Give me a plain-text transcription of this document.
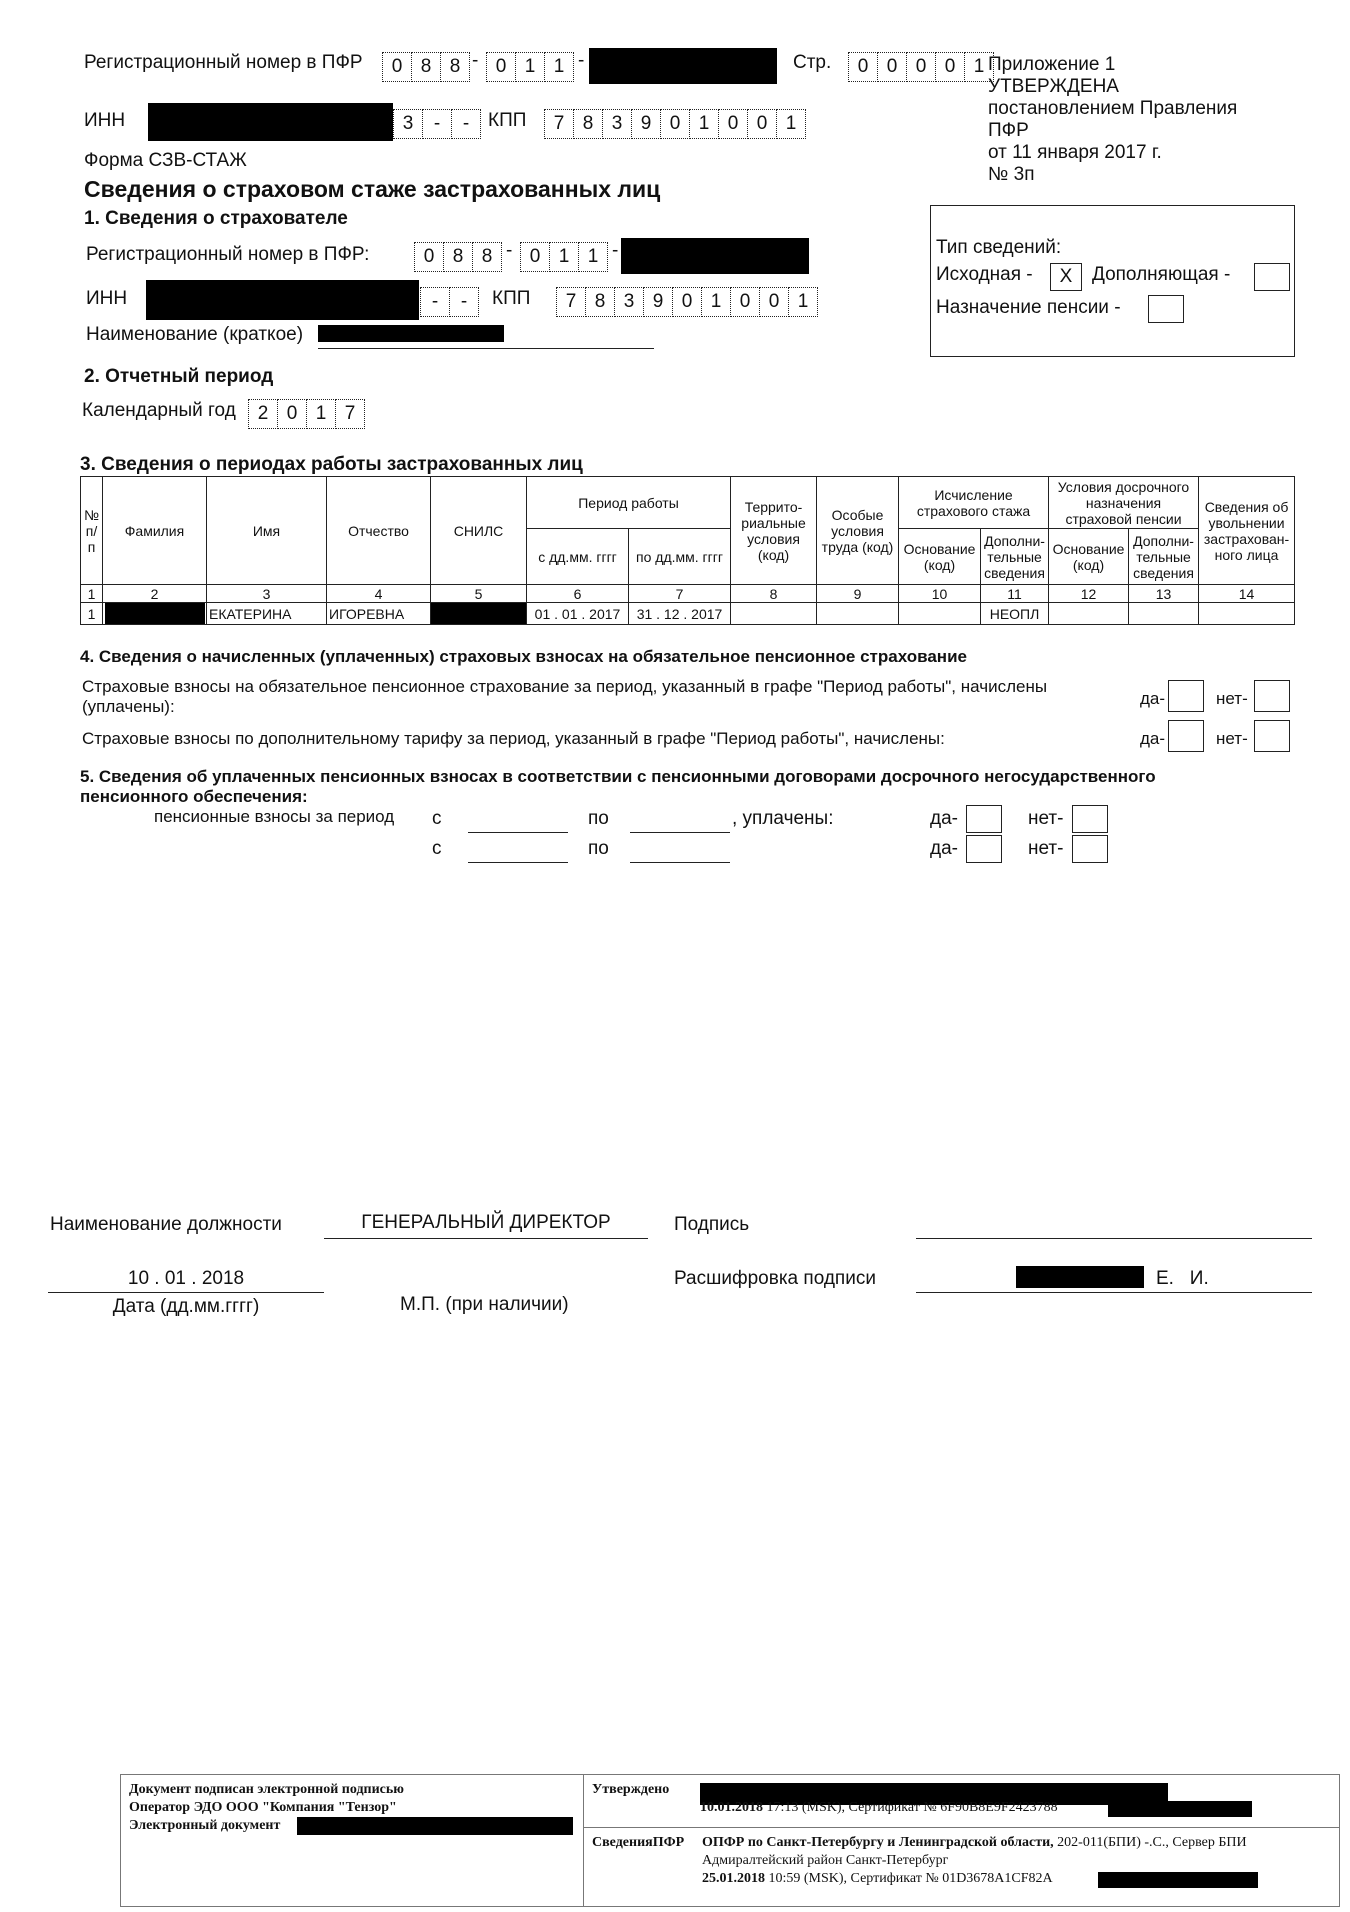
Регистрационный номер в ПФР	0 8 8 - 0 1 1 -	Стр.	0 0 0 0 1 Приложение 1
УТВЕРЖДЕНА
постановлением Правления
ПФР
от 11 января 2017 г.
№ 3п
ИНН	3	-	- КПП	7 8 3 9 0 1 0 0 1
Форма СЗВ-СТАЖ
Сведения о страховом стаже застрахованных лиц
1. Сведения о страхователе
Регистрационный номер в ПФР:	0 8 8 - 0 1 1 -
ИНН	-	-	КПП	7 8 3 9 0 1 0 0 1
Наименование (краткое)
Тип сведений:
Исходная -	X	Дополняющая -
Назначение пенсии -
2. Отчетный период
Календарный год	2 0 1 7
3. Сведения о периодах работы застрахованных лиц
№ п/п	Фамилия	Имя	Отчество	СНИЛС	Период работы		Террито-риальные условия (код)	Особые условия труда (код)	Исчисление страхового стажа		Условия досрочного назначения страховой пенсии		Сведения об увольнении застрахован-ного лица
					с дд.мм. гггг	по дд.мм. гггг			Основание (код)	Дополни-тельные сведения	Основание (код)	Дополни-тельные сведения	
1	2	3	4	5	6	7	8	9	10	11	12	13	14
1		ЕКАТЕРИНА	ИГОРЕВНА		01 . 01 . 2017	31 . 12 . 2017				НЕОПЛ			
4. Сведения о начисленных (уплаченных) страховых взносах на обязательное пенсионное страхование
Страховые взносы на обязательное пенсионное страхование за период, указанный в графе "Период работы", начислены
(уплачены):	да-	нет-
Страховые взносы по дополнительному тарифу за период, указанный в графе "Период работы", начислены:	да-	нет-
5. Сведения об уплаченных пенсионных взносах в соответствии с пенсионными договорами досрочного негосударственного
пенсионного обеспечения:
пенсионные взносы за период с	по	, уплачены:	да-	нет-
с	по	да-	нет-
Наименование должности	ГЕНЕРАЛЬНЫЙ ДИРЕКТОР	Подпись
10 . 01 . 2018
Дата (дд.мм.гггг)	М.П. (при наличии)
Расшифровка подписи	Е.   И.
Документ подписан электронной подписью
Оператор ЭДО ООО "Компания "Тензор"
Электронный документ
	Утверждено
10.01.2018 17:13 (MSK), Сертификат № 6F90B8E9F2423788

СведенияПФР	ОПФР по Санкт-Петербургу и Ленинградской области, 202-011(БПИ) -.С., Сервер БПИ
Адмиралтейский район Санкт-Петербург
25.01.2018 10:59 (MSK), Сертификат № 01D3678A1CF82A
